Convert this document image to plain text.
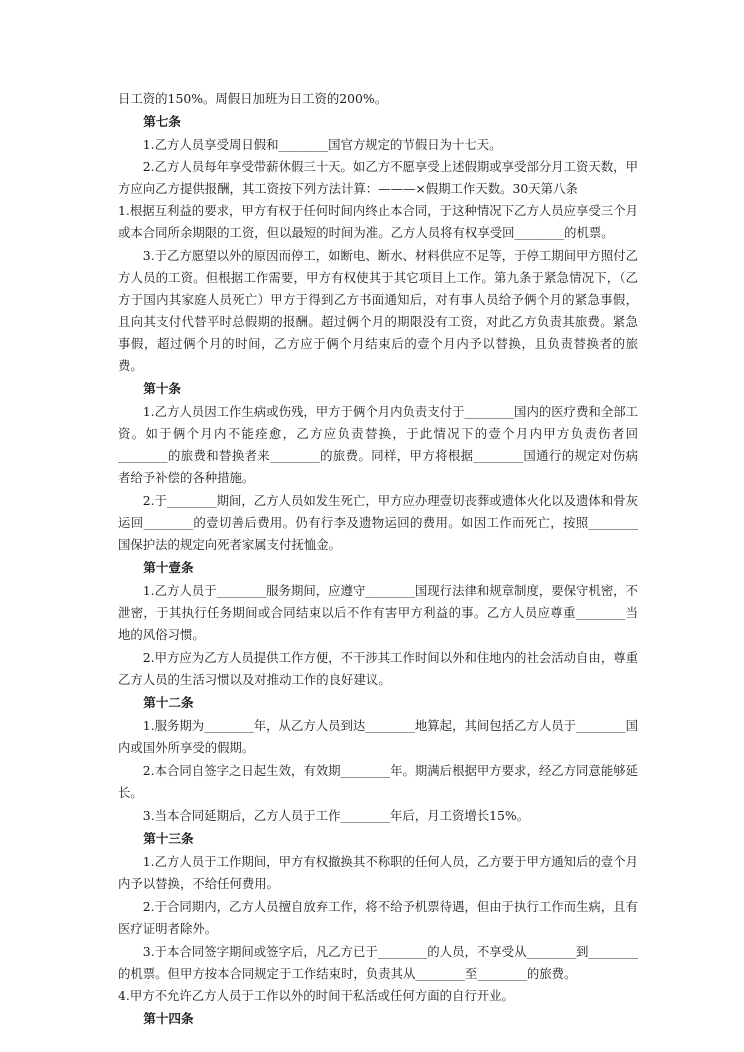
日工资的150%。周假日加班为日工资的200%。

第七条

1.乙方人员享受周日假和________国官方规定的节假日为十七天。

2.乙方人员每年享受带薪休假三十天。如乙方不愿享受上述假期或享受部分月工资天数，甲方应向乙方提供报酬，其工资按下列方法计算：———×假期工作天数。30天第八条

1.根据互利益的要求，甲方有权于任何时间内终止本合同，于这种情况下乙方人员应享受三个月或本合同所余期限的工资，但以最短的时间为准。乙方人员将有权享受回________的机票。

3.于乙方愿望以外的原因而停工，如断电、断水、材料供应不足等，于停工期间甲方照付乙方人员的工资。但根据工作需要，甲方有权使其于其它项目上工作。第九条于紧急情况下，（乙方于国内其家庭人员死亡）甲方于得到乙方书面通知后，对有事人员给予俩个月的紧急事假，且向其支付代替平时总假期的报酬。超过俩个月的期限没有工资，对此乙方负责其旅费。紧急事假，超过俩个月的时间，乙方应于俩个月结束后的壹个月内予以替换，且负责替换者的旅费。

第十条

1.乙方人员因工作生病或伤残，甲方于俩个月内负责支付于________国内的医疗费和全部工资。如于俩个月内不能痊愈，乙方应负责替换，于此情况下的壹个月内甲方负责伤者回________的旅费和替换者来________的旅费。同样，甲方将根据________国通行的规定对伤病者给予补偿的各种措施。

2.于________期间，乙方人员如发生死亡，甲方应办理壹切丧葬或遗体火化以及遗体和骨灰运回________的壹切善后费用。仍有行李及遗物运回的费用。如因工作而死亡，按照________国保护法的规定向死者家属支付抚恤金。

第十壹条

1.乙方人员于________服务期间，应遵守________国现行法律和规章制度，要保守机密，不泄密，于其执行任务期间或合同结束以后不作有害甲方利益的事。乙方人员应尊重________当地的风俗习惯。

2.甲方应为乙方人员提供工作方便，不干涉其工作时间以外和住地内的社会活动自由，尊重乙方人员的生活习惯以及对推动工作的良好建议。

第十二条

1.服务期为________年，从乙方人员到达________地算起，其间包括乙方人员于________国内或国外所享受的假期。

2.本合同自签字之日起生效，有效期________年。期满后根据甲方要求，经乙方同意能够延长。

3.当本合同延期后，乙方人员于工作________年后，月工资增长15%。

第十三条

1.乙方人员于工作期间，甲方有权撤换其不称职的任何人员，乙方要于甲方通知后的壹个月内予以替换，不给任何费用。

2.于合同期内，乙方人员擅自放弃工作，将不给予机票待遇，但由于执行工作而生病，且有医疗证明者除外。

3.于本合同签字期间或签字后，凡乙方已于________的人员，不享受从________到________的机票。但甲方按本合同规定于工作结束时，负责其从________至________的旅费。

4.甲方不允许乙方人员于工作以外的时间干私活或任何方面的自行开业。

第十四条
